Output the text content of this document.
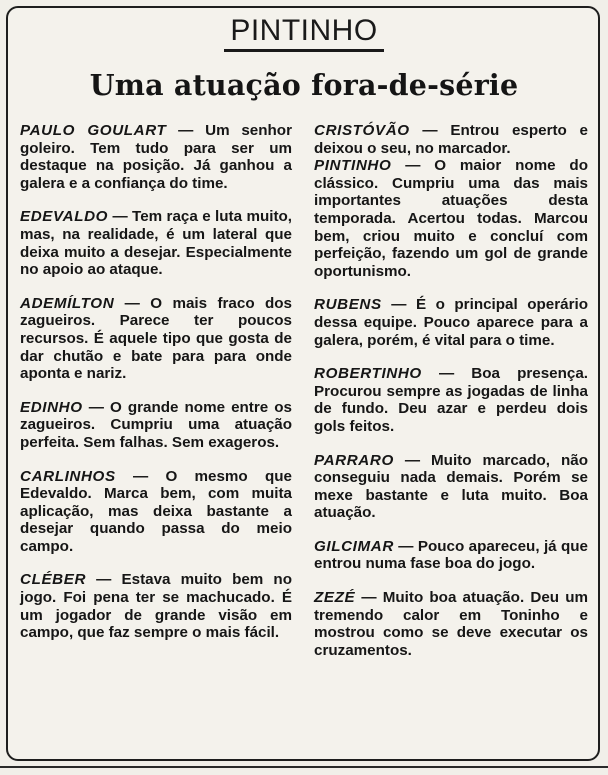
PINTINHO
Uma atuação fora-de-série

PAULO GOULART — Um senhor goleiro. Tem tudo para ser um destaque na posição. Já ganhou a galera e a confiança do time.

EDEVALDO — Tem raça e luta muito, mas, na realidade, é um lateral que deixa muito a desejar. Especialmente no apoio ao ataque.

ADEMÍLTON — O mais fraco dos zagueiros. Parece ter poucos recursos. É aquele tipo que gosta de dar chutão e bate para para onde aponta e nariz.

EDINHO — O grande nome entre os zagueiros. Cumpriu uma atuação perfeita. Sem falhas. Sem exageros.

CARLINHOS — O mesmo que Edevaldo. Marca bem, com muita aplicação, mas deixa bastante a desejar quando passa do meio campo.

CLÉBER — Estava muito bem no jogo. Foi pena ter se machucado. É um jogador de grande visão em campo, que faz sempre o mais fácil.

CRISTÓVÃO — Entrou esperto e deixou o seu, no marcador.

PINTINHO — O maior nome do clássico. Cumpriu uma das mais importantes atuações desta temporada. Acertou todas. Marcou bem, criou muito e concluí com perfeição, fazendo um gol de grande oportunismo.

RUBENS — É o principal operário dessa equipe. Pouco aparece para a galera, porém, é vital para o time.

ROBERTINHO — Boa presença. Procurou sempre as jogadas de linha de fundo. Deu azar e perdeu dois gols feitos.

PARRARO — Muito marcado, não conseguiu nada demais. Porém se mexe bastante e luta muito. Boa atuação.

GILCIMAR — Pouco apareceu, já que entrou numa fase boa do jogo.

ZEZÉ — Muito boa atuação. Deu um tremendo calor em Toninho e mostrou como se deve executar os cruzamentos.
